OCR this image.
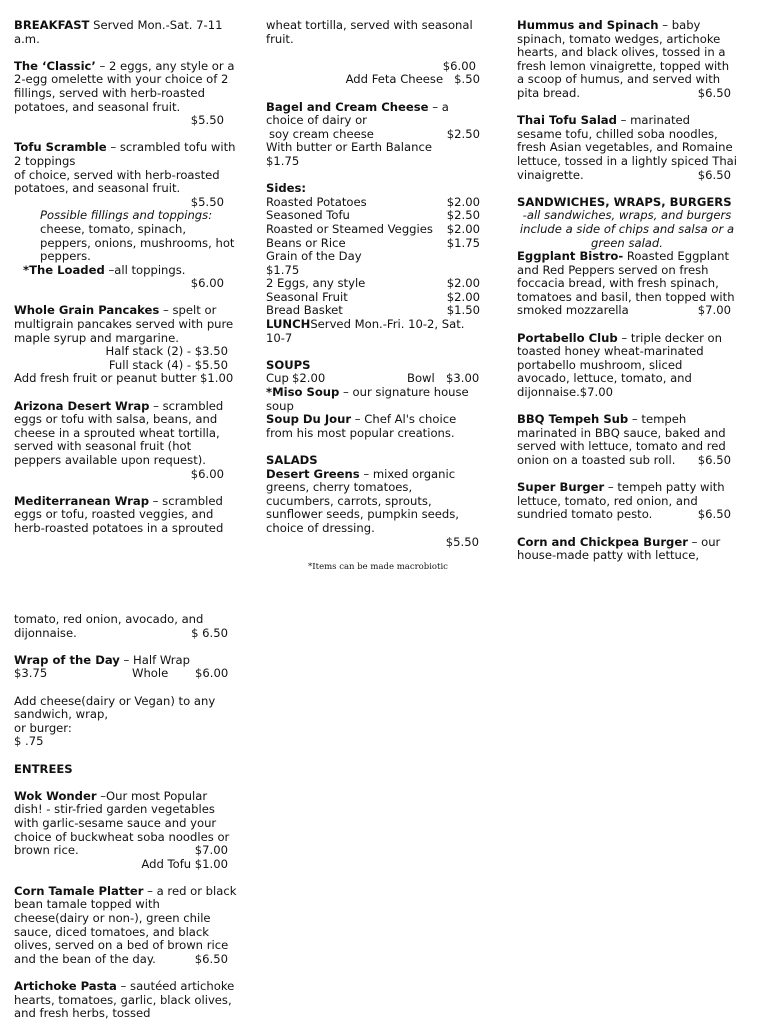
BREAKFAST Served Mon.-Sat. 7-11 a.m.
The ‘Classic’ – 2 eggs, any style or a 2-egg omelette with your choice of 2 fillings, served with herb-roasted potatoes, and seasonal fruit.
$5.50
Tofu Scramble – scrambled tofu with 2 toppings
of choice, served with herb-roasted potatoes, and seasonal fruit.
$5.50
Possible fillings and toppings:
cheese, tomato, spinach, peppers, onions, mushrooms, hot peppers.
*The Loaded –all toppings.
$6.00
Whole Grain Pancakes – spelt or multigrain pancakes served with pure maple syrup and margarine.
Half stack (2) - $3.50
Full stack (4) - $5.50
Add fresh fruit or peanut butter $1.00
Arizona Desert Wrap – scrambled eggs or tofu with salsa, beans, and cheese in a sprouted wheat tortilla, served with seasonal fruit (hot peppers available upon request).
$6.00
Mediterranean Wrap – scrambled eggs or tofu, roasted veggies, and herb-roasted potatoes in a sprouted
wheat tortilla, served with seasonal fruit.
$6.00
Add Feta Cheese $.50
Bagel and Cream Cheese – a
choice of dairy or
soy cream cheese	$2.50
With butter or Earth Balance
$1.75
Sides:
Roasted Potatoes	$2.00
Seasoned Tofu	$2.50
Roasted or Steamed Veggies $2.00
Beans or Rice	$1.75
Grain of the Day
$1.75
2 Eggs, any style	$2.00
Seasonal Fruit	$2.00
Bread Basket	$1.50
LUNCHServed Mon.-Fri. 10-2, Sat. 10-7
SOUPS
Cup $2.00	Bowl $3.00
*Miso Soup – our signature house soup
Soup Du Jour – Chef Al's choice from his most popular creations.
SALADS
Desert Greens – mixed organic greens, cherry tomatoes, cucumbers, carrots, sprouts, sunflower seeds, pumpkin seeds, choice of dressing.
$5.50
Hummus and Spinach – baby spinach, tomato wedges, artichoke hearts, and black olives, tossed in a fresh lemon vinaigrette, topped with a scoop of humus, and served with pita bread.	$6.50
Thai Tofu Salad – marinated sesame tofu, chilled soba noodles, fresh Asian vegetables, and Romaine lettuce, tossed in a lightly spiced Thai vinaigrette.	$6.50
SANDWICHES, WRAPS, BURGERS
-all sandwiches, wraps, and burgers include a side of chips and salsa or a green salad.
Eggplant Bistro- Roasted Eggplant and Red Peppers served on fresh foccacia bread, with fresh spinach, tomatoes and basil, then topped with smoked mozzarella	$7.00
Portabello Club – triple decker on toasted honey wheat-marinated portabello mushroom, sliced avocado, lettuce, tomato, and dijonnaise.$7.00
BBQ Tempeh Sub – tempeh marinated in BBQ sauce, baked and served with lettuce, tomato and red onion on a toasted sub roll.	$6.50
Super Burger – tempeh patty with lettuce, tomato, red onion, and sundried tomato pesto.	$6.50
Corn and Chickpea Burger – our house-made patty with lettuce,
*Items can be made macrobiotic
tomato, red onion, avocado, and dijonnaise.	$ 6.50
Wrap of the Day – Half Wrap
$3.75	Whole	$6.00
Add cheese(dairy or Vegan) to any sandwich, wrap,
or burger:
$ .75
ENTREES
Wok Wonder –Our most Popular dish! - stir-fried garden vegetables with garlic-sesame sauce and your choice of buckwheat soba noodles or brown rice.	$7.00
Add Tofu $1.00
Corn Tamale Platter – a red or black bean tamale topped with cheese(dairy or non-), green chile sauce, diced tomatoes, and black olives, served on a bed of brown rice and the bean of the day.	$6.50
Artichoke Pasta – sautéed artichoke hearts, tomatoes, garlic, black olives, and fresh herbs, tossed
